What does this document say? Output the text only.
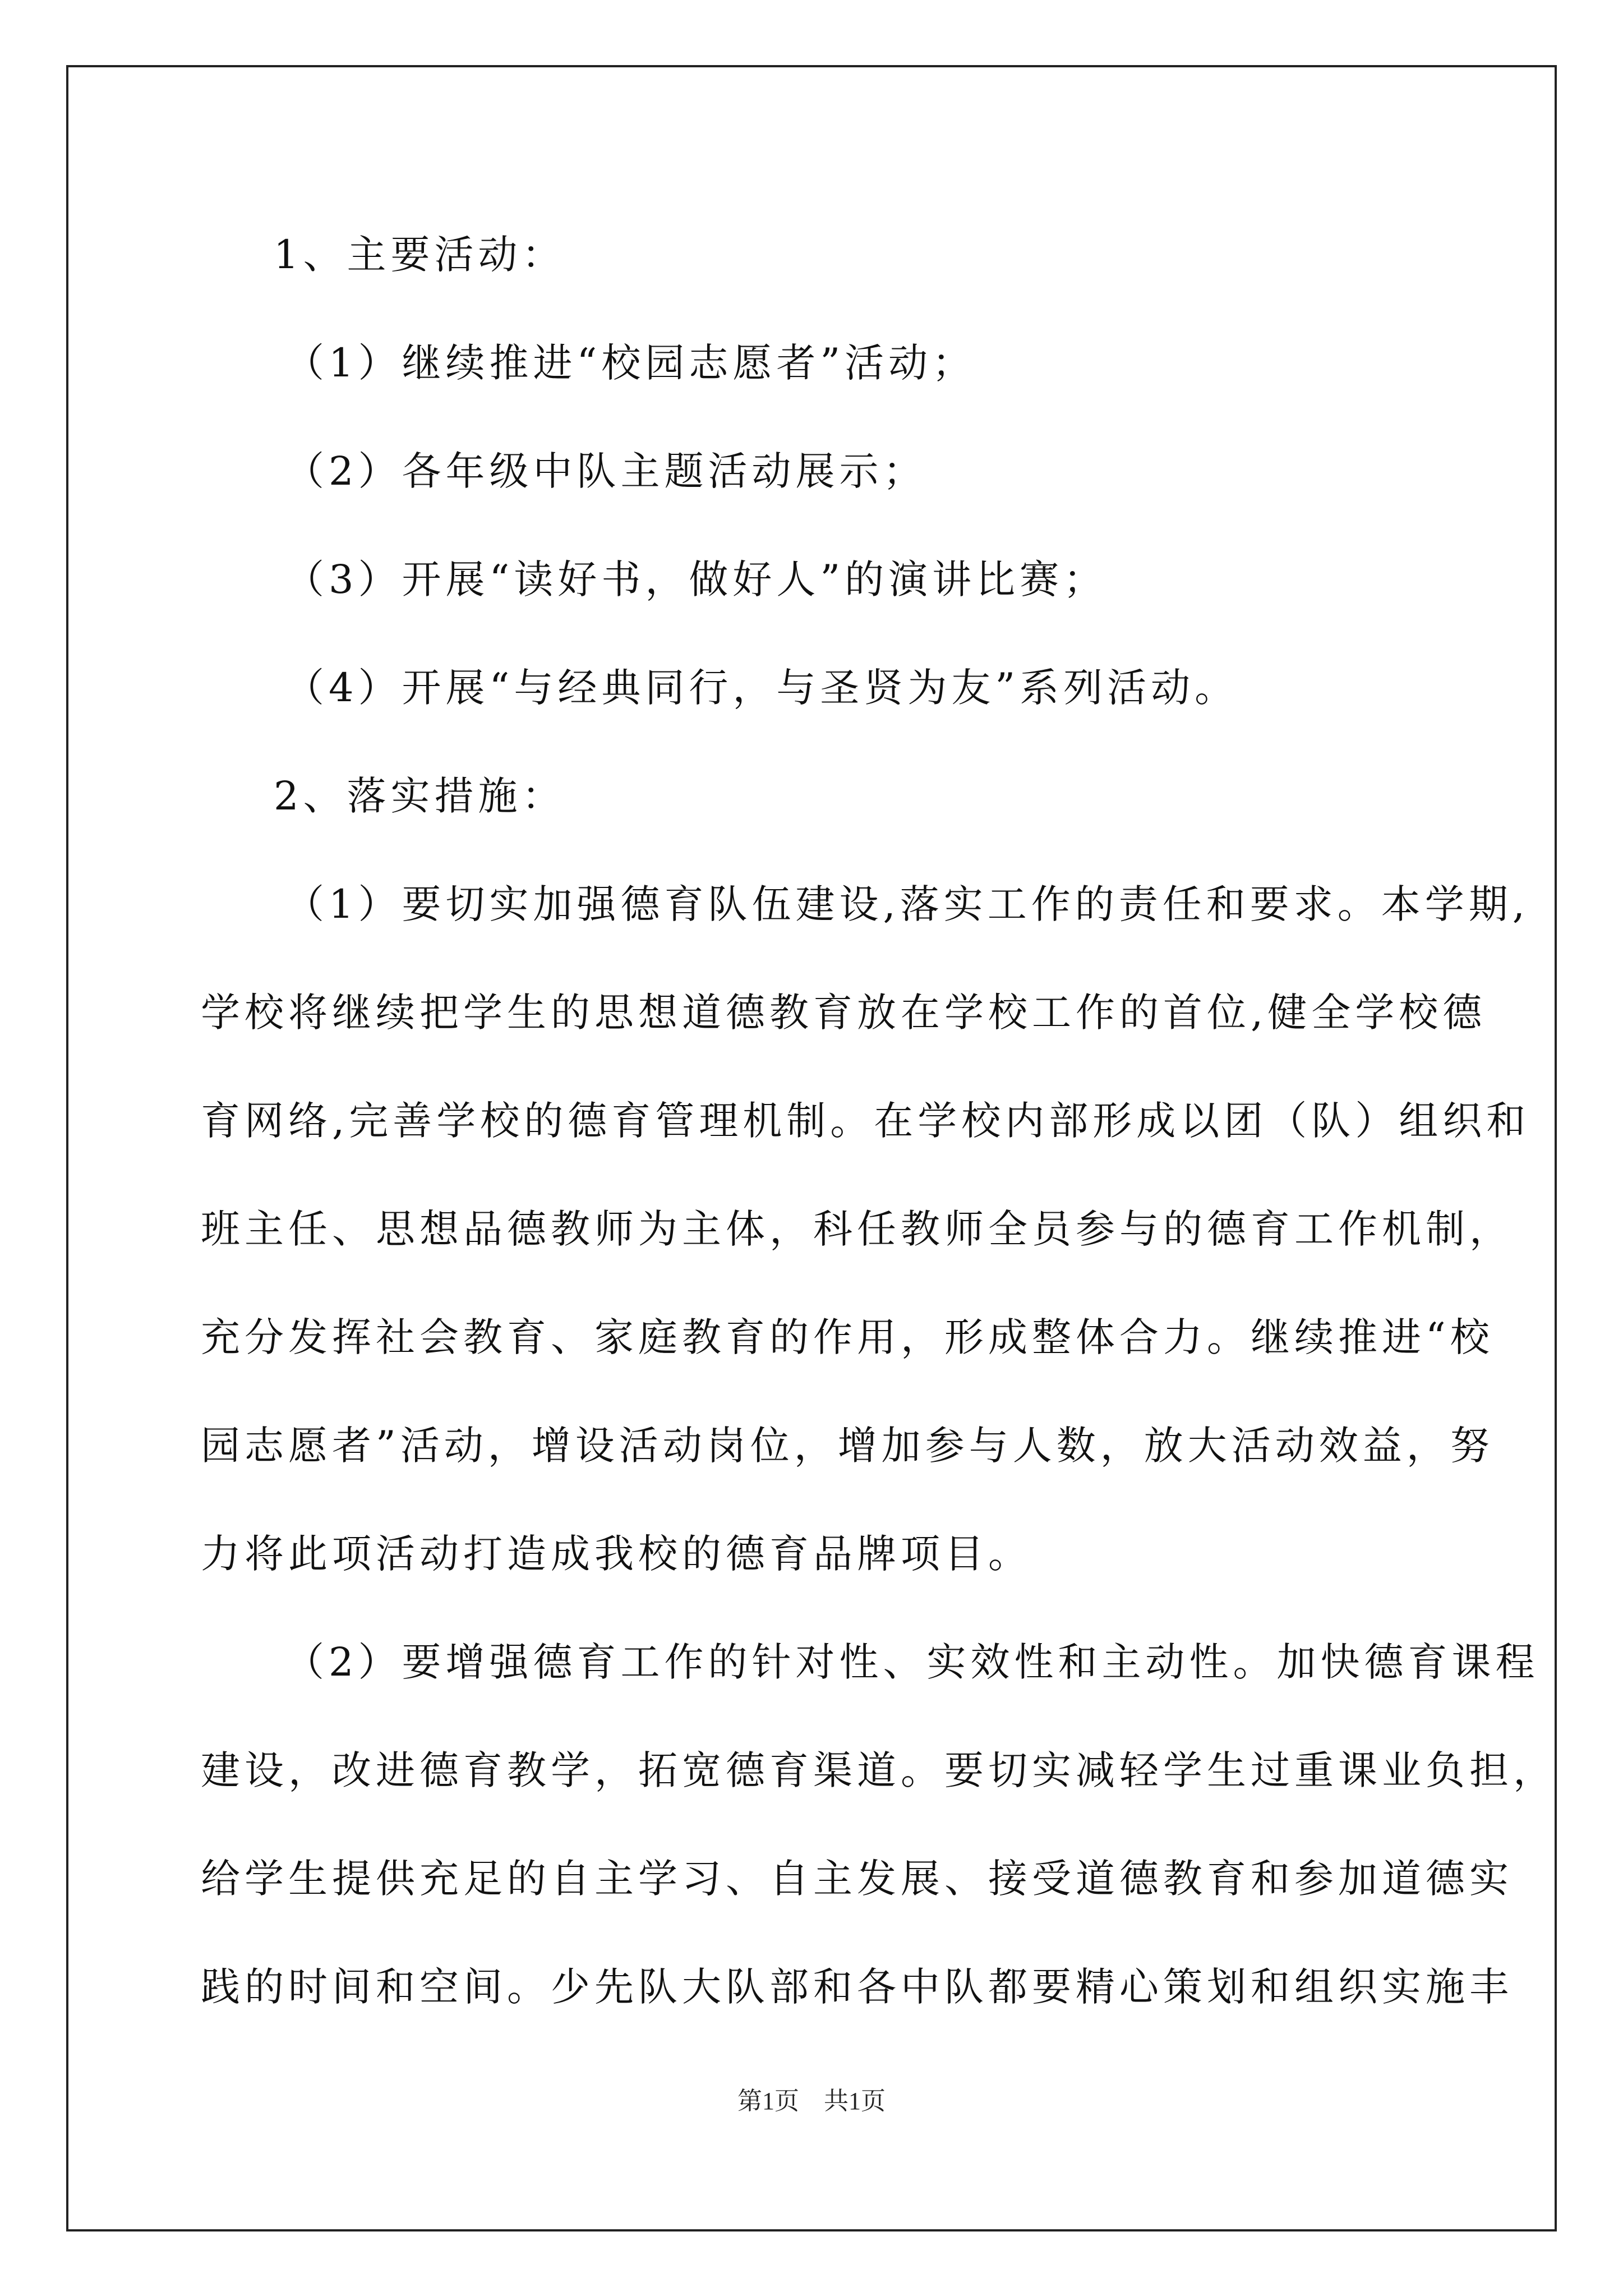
1、主要活动：
（1）继续推进“校园志愿者”活动；
（2）各年级中队主题活动展示；
（3）开展“读好书，做好人”的演讲比赛；
（4）开展“与经典同行，与圣贤为友”系列活动。
2、落实措施：
（1）要切实加强德育队伍建设,落实工作的责任和要求。本学期,
学校将继续把学生的思想道德教育放在学校工作的首位,健全学校德
育网络,完善学校的德育管理机制。在学校内部形成以团（队）组织和
班主任、思想品德教师为主体，科任教师全员参与的德育工作机制，
充分发挥社会教育、家庭教育的作用，形成整体合力。继续推进“校
园志愿者”活动，增设活动岗位，增加参与人数，放大活动效益，努
力将此项活动打造成我校的德育品牌项目。
（2）要增强德育工作的针对性、实效性和主动性。加快德育课程
建设，改进德育教学，拓宽德育渠道。要切实减轻学生过重课业负担，
给学生提供充足的自主学习、自主发展、接受道德教育和参加道德实
践的时间和空间。少先队大队部和各中队都要精心策划和组织实施丰
第1页　共1页
